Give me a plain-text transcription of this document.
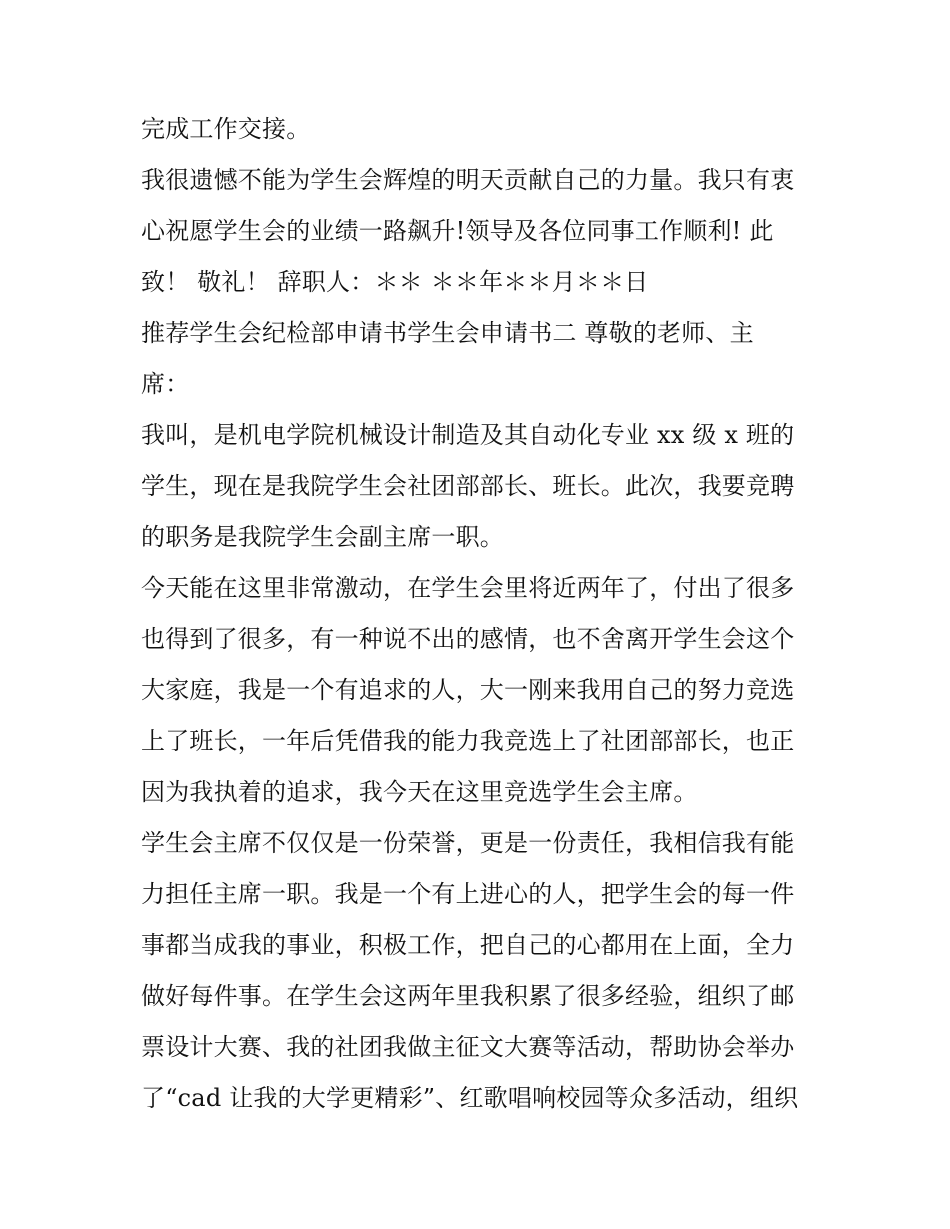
完成工作交接。
我很遗憾不能为学生会辉煌的明天贡献自己的力量。我只有衷
心祝愿学生会的业绩一路飙升!领导及各位同事工作顺利! 此
致！ 敬礼！ 辞职人：＊＊ ＊＊年＊＊月＊＊日
推荐学生会纪检部申请书学生会申请书二 尊敬的老师、主
席：
我叫，是机电学院机械设计制造及其自动化专业 xx 级 x 班的
学生，现在是我院学生会社团部部长、班长。此次，我要竞聘
的职务是我院学生会副主席一职。
今天能在这里非常激动，在学生会里将近两年了，付出了很多
也得到了很多，有一种说不出的感情，也不舍离开学生会这个
大家庭，我是一个有追求的人，大一刚来我用自己的努力竞选
上了班长，一年后凭借我的能力我竞选上了社团部部长，也正
因为我执着的追求，我今天在这里竞选学生会主席。
学生会主席不仅仅是一份荣誉，更是一份责任，我相信我有能
力担任主席一职。我是一个有上进心的人，把学生会的每一件
事都当成我的事业，积极工作，把自己的心都用在上面，全力
做好每件事。在学生会这两年里我积累了很多经验，组织了邮
票设计大赛、我的社团我做主征文大赛等活动，帮助协会举办
了“cad 让我的大学更精彩”、红歌唱响校园等众多活动，组织
